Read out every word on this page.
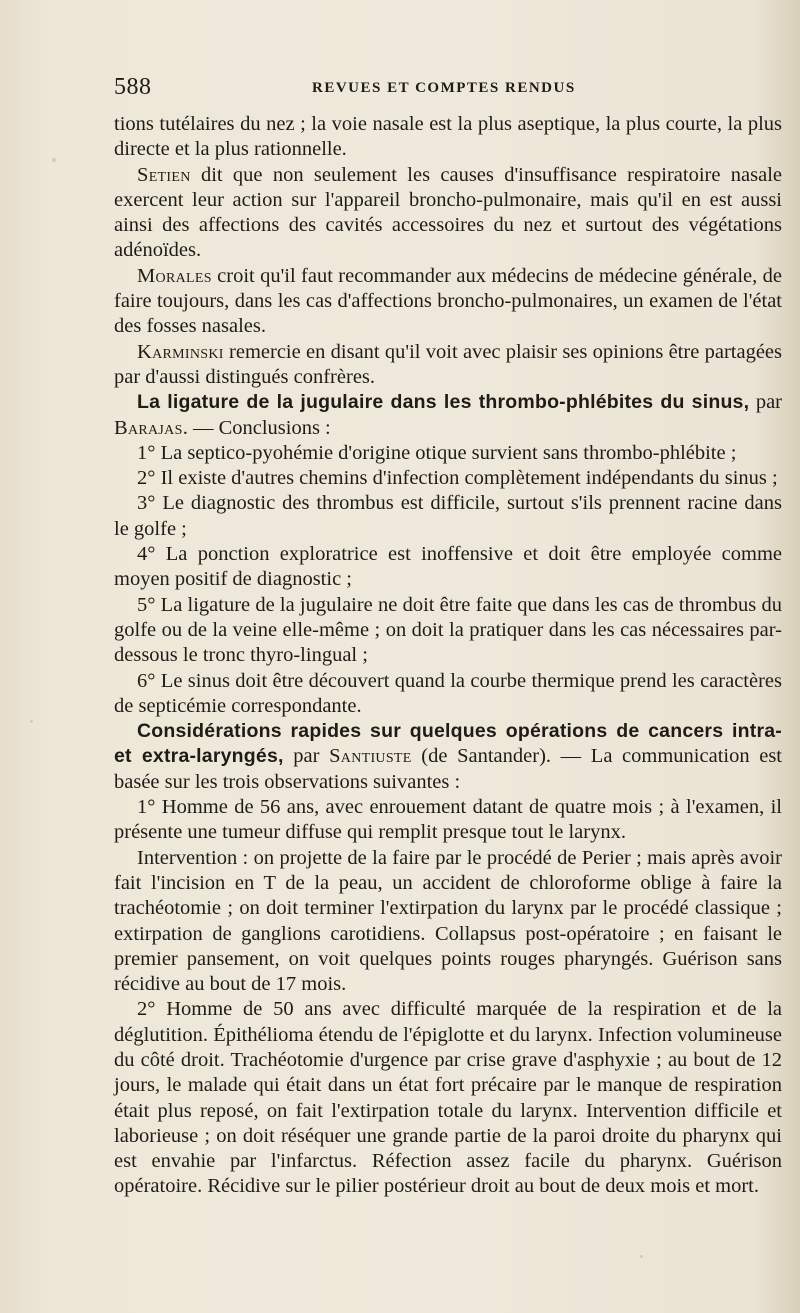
588	REVUES ET COMPTES RENDUS

tions tutélaires du nez ; la voie nasale est la plus aseptique, la plus courte, la plus directe et la plus rationnelle.

Setien dit que non seulement les causes d'insuffisance respiratoire nasale exercent leur action sur l'appareil broncho-pulmonaire, mais qu'il en est aussi ainsi des affections des cavités accessoires du nez et surtout des végétations adénoïdes.

Morales croit qu'il faut recommander aux médecins de médecine générale, de faire toujours, dans les cas d'affections broncho-pulmonaires, un examen de l'état des fosses nasales.

Karminski remercie en disant qu'il voit avec plaisir ses opinions être partagées par d'aussi distingués confrères.

La ligature de la jugulaire dans les thrombo-phlébites du sinus, par Barajas. — Conclusions :

1° La septico-pyohémie d'origine otique survient sans thrombo-phlébite ;

2° Il existe d'autres chemins d'infection complètement indépendants du sinus ;

3° Le diagnostic des thrombus est difficile, surtout s'ils prennent racine dans le golfe ;

4° La ponction exploratrice est inoffensive et doit être employée comme moyen positif de diagnostic ;

5° La ligature de la jugulaire ne doit être faite que dans les cas de thrombus du golfe ou de la veine elle-même ; on doit la pratiquer dans les cas nécessaires par-dessous le tronc thyro-lingual ;

6° Le sinus doit être découvert quand la courbe thermique prend les caractères de septicémie correspondante.

Considérations rapides sur quelques opérations de cancers intra- et extra-laryngés, par Santiuste (de Santander). — La communication est basée sur les trois observations suivantes :

1° Homme de 56 ans, avec enrouement datant de quatre mois ; à l'examen, il présente une tumeur diffuse qui remplit presque tout le larynx.

Intervention : on projette de la faire par le procédé de Perier ; mais après avoir fait l'incision en T de la peau, un accident de chloroforme oblige à faire la trachéotomie ; on doit terminer l'extirpation du larynx par le procédé classique ; extirpation de ganglions carotidiens. Collapsus post-opératoire ; en faisant le premier pansement, on voit quelques points rouges pharyngés. Guérison sans récidive au bout de 17 mois.

2° Homme de 50 ans avec difficulté marquée de la respiration et de la déglutition. Épithélioma étendu de l'épiglotte et du larynx. Infection volumineuse du côté droit. Trachéotomie d'urgence par crise grave d'asphyxie ; au bout de 12 jours, le malade qui était dans un état fort précaire par le manque de respiration était plus reposé, on fait l'extirpation totale du larynx. Intervention difficile et laborieuse ; on doit réséquer une grande partie de la paroi droite du pharynx qui est envahie par l'infarctus. Réfection assez facile du pharynx. Guérison opératoire. Récidive sur le pilier postérieur droit au bout de deux mois et mort.
